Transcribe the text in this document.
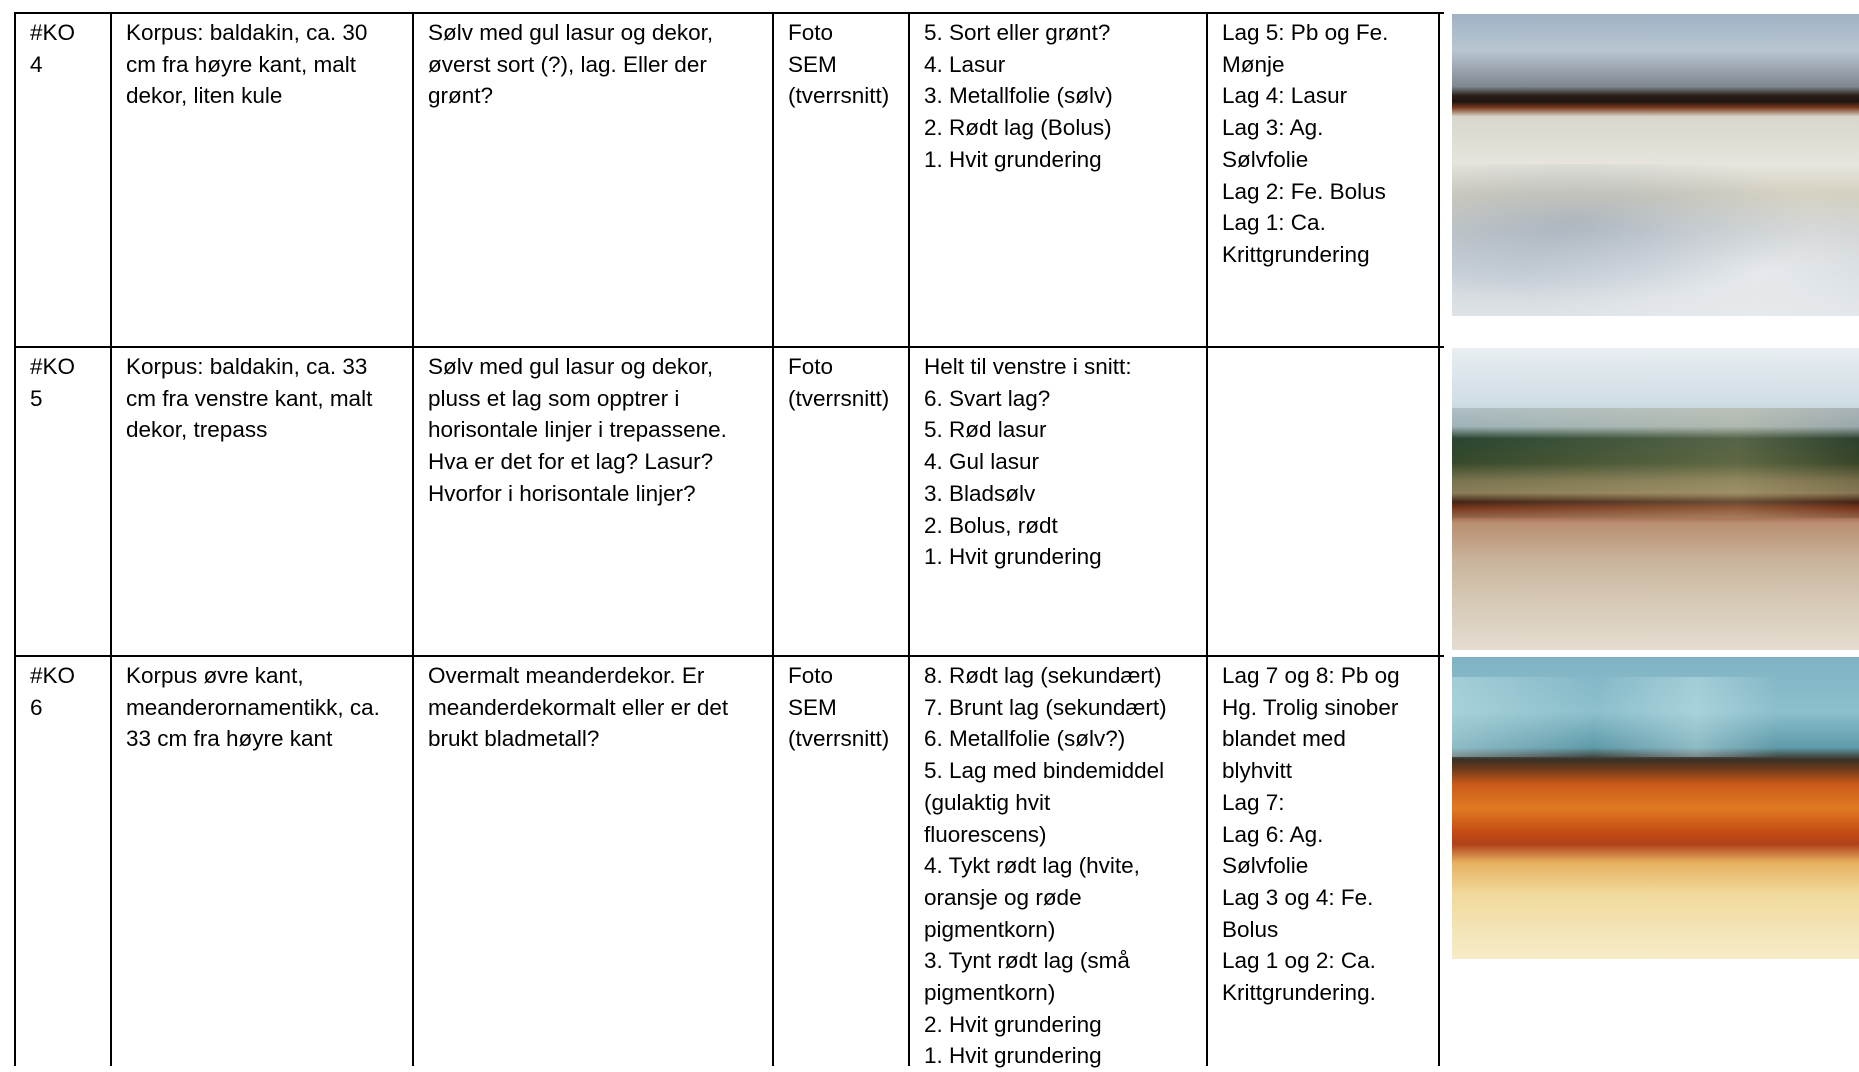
#KO
4
Korpus: baldakin, ca. 30
cm fra høyre kant, malt
dekor, liten kule
Sølv med gul lasur og dekor,
øverst sort (?), lag. Eller der
grønt?
Foto
SEM
(tverrsnitt)
5. Sort eller grønt?
4. Lasur
3. Metallfolie (sølv)
2. Rødt lag (Bolus)
1. Hvit grundering
Lag 5: Pb og Fe.
Mønje
Lag 4: Lasur
Lag 3: Ag.
Sølvfolie
Lag 2: Fe. Bolus
Lag 1: Ca.
Krittgrundering
#KO
5
Korpus: baldakin, ca. 33
cm fra venstre kant, malt
dekor, trepass
Sølv med gul lasur og dekor,
pluss et lag som opptrer i
horisontale linjer i trepassene.
Hva er det for et lag? Lasur?
Hvorfor i horisontale linjer?
Foto
(tverrsnitt)
Helt til venstre i snitt:
6. Svart lag?
5. Rød lasur
4. Gul lasur
3. Bladsølv
2. Bolus, rødt
1. Hvit grundering
#KO
6
Korpus øvre kant,
meanderornamentikk, ca.
33 cm fra høyre kant
Overmalt meanderdekor. Er
meanderdekormalt eller er det
brukt bladmetall?
Foto
SEM
(tverrsnitt)
8. Rødt lag (sekundært)
7. Brunt lag (sekundært)
6. Metallfolie (sølv?)
5. Lag med bindemiddel
(gulaktig hvit
fluorescens)
4. Tykt rødt lag (hvite,
oransje og røde
pigmentkorn)
3. Tynt rødt lag (små
pigmentkorn)
2. Hvit grundering
1. Hvit grundering
Lag 7 og 8: Pb og
Hg. Trolig sinober
blandet med
blyhvitt
Lag 7:
Lag 6: Ag.
Sølvfolie
Lag 3 og 4: Fe.
Bolus
Lag 1 og 2: Ca.
Krittgrundering.
